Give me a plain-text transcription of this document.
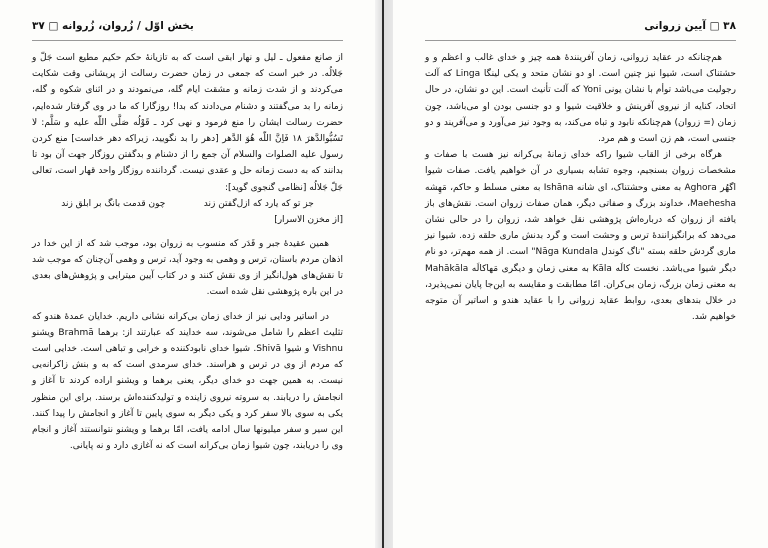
بخش اوّل / زُروان، زُروانه □ ۳۷

از صانع مفعول ـ لیل و نهار ابقی است که به تازیانهٔ حکم حکیم مطیع است جَلّ و جَلالُه. در خبر است که جمعی در زمان حضرت رسالت از پریشانی وقت شکایت می‌کردند و از شدت زمانه و مشقت ایام گله، می‌نمودند و در اثنای شکوه و گله، زمانه را بد می‌گفتند و دشنام می‌دادند که بدا! روزگارا که ما در وی گرفتار شده‌ایم، حضرت رسالت ایشان را منع فرمود و نهی کرد ـ قَوْلُه صَلَّی اللّٰه علیه و سَلَّم: لا تَسُبُّوالدَّهرَ ۱۸ فَاِنَّ اللّٰه هُوَ الدَّهر [دهر را بد نگویید، زیراکه دهر خداست] منع کردن رسول علیه الصلوات والسلام آن جمع را از دشنام و بدگفتن روزگار جهت آن بود تا بدانند که به دست زمانه حل و عقدی نیست. گرداننده روزگار واحد قهار است، تعالی جَلّ جَلالُه [نظامی گنجوی گوید]:

چون قدمت بانگ بر ابلق زند	جز تو که یارد که ازل‌گفتن زند
[از مخزن الاسرار]

همین عقیدهٔ جبر و قَدَر که منسوب به زروان بود، موجب شد که از این خدا در اذهان مردم باستان، ترس و وهمی به وجود آید، ترس و وهمی آن‌چنان که موجب شد تا نقش‌های هول‌انگیز از وی نقش کنند و در کتاب آیین میترایی و پژوهش‌های بعدی در این باره پژوهشی نقل شده است.

در اساتیر ودایی نیز از خدای زمان بی‌کرانه نشانی داریم. خدایان عمدهٔ هندو که تثلیث اعظم را شامل می‌شوند، سه خدایند که عبارتند از: برهما Brahmā ویشنو Vishnu و شیوا Shivā. شیوا خدای نابودکننده و خرابی و تباهی است. خدایی است که مردم از وی در ترس و هراسند. خدای سرمدی است که به و بنش زاکرانه‌یی نیست. به همین جهت دو خدای دیگر، یعنی برهما و ویشنو اراده کردند تا آغاز و انجامش را دریابند. به سروته نیروی زاینده و تولیدکننده‌اش برسند. برای این منظور یکی به سوی بالا سفر کرد و یکی دیگر به سوی پایین تا آغاز و انجامش را پیدا کنند. این سیر و سفر میلیونها سال ادامه یافت، امّا برهما و ویشنو نتوانستند آغاز و انجام وی را دریابند، چون شیوا زمان بی‌کرانه است که نه آغازی دارد و نه پایانی.

۳۸ □ آیین زروانی

هم‌چنانکه در عقاید زروانی، زمان آفرینندهٔ همه چیز و خدای غالب و اعظم و و حشتناک است، شیوا نیز چنین است. او دو نشان متحد و یکی لینگا Linga که آلت رجولیت می‌باشد توأم با نشان یونی Yoni که آلت تأنیث است. این دو نشان، در حال اتحاد، کنایه از نیروی آفرینش و خلاقیت شیوا و دو جنسی بودن او می‌باشد، چون زمان (= زروان) هم‌چنانکه نابود و تباه می‌کند، به وجود نیز می‌آورد و می‌آفریند و دو جنسی است، هم زن است و هم مرد.

هرگاه برخی از القاب شیوا راکه خدای زمانهٔ بی‌کرانه نیز هست با صفات و مشخصات زروان بسنجیم، وجوه تشابه بسیاری در آن خواهیم یافت. صفات شیوا اگهُر Aghora به معنی وحشتناک، ای شانه Ishāna به معنی مسلط و حاکم، مَهِشه Maehesha، خداوند بزرگ و صفاتی دیگر، همان صفات زروان است. نقش‌های باز یافته از زروان که درباره‌اش پژوهشی نقل خواهد شد، زروان را در حالی نشان می‌دهد که برانگیزانندهٔ ترس و وحشت است و گرد بدنش ماری حلقه زده. شیوا نیز ماری گردش حلقه بسته "ناگ کوندل Nāga Kundala" است. از همه مهم‌تر، دو نام دیگر شیوا می‌باشد. نخست کالَه Kāla به معنی زمان و دیگری مَهاکالَه Mahākāla به معنی زمان بزرگ، زمان بی‌کران. امّا مطابقت و مقایسه به این‌جا پایان نمی‌پذیرد، در خلال بندهای بعدی، روابط عقاید زروانی را با عقاید هندو و اساتیر آن متوجه خواهیم شد.
